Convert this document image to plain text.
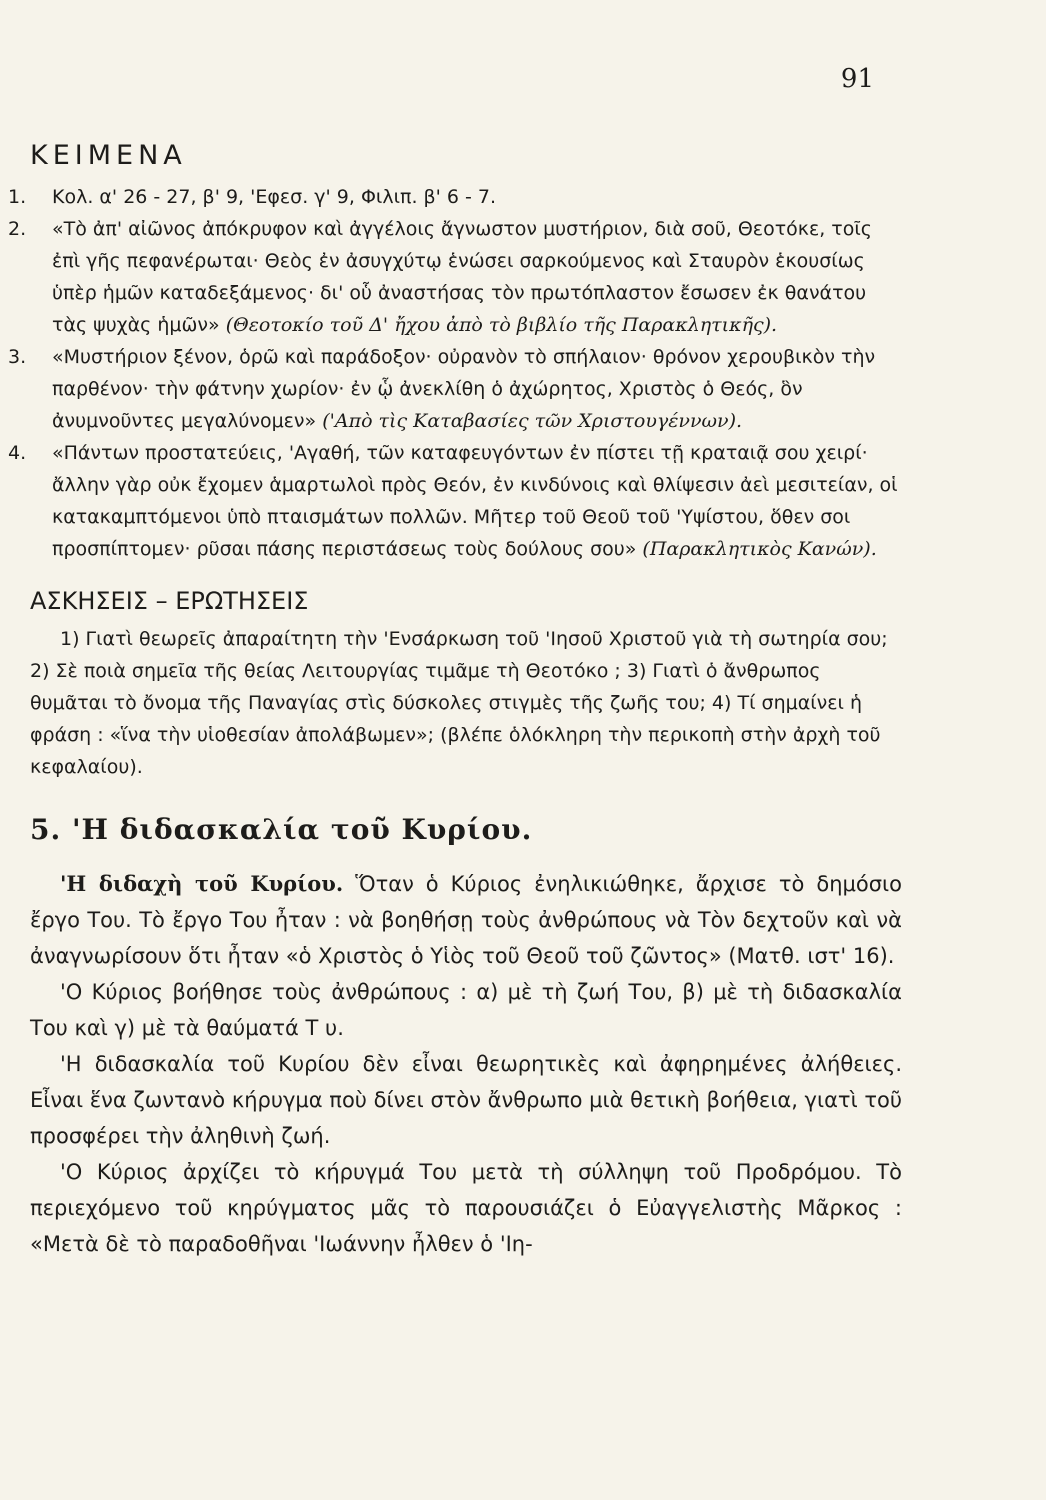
91
ΚΕΙΜΕΝΑ

1. Κολ. α' 26 - 27, β' 9, 'Εφεσ. γ' 9, Φιλιπ. β' 6 - 7.

2. «Τὸ ἀπ' αἰῶνος ἀπόκρυφον καὶ ἀγγέλοις ἄγνωστον μυστήριον, διὰ σοῦ, Θεοτόκε, τοῖς ἐπὶ γῆς πεφανέρωται· Θεὸς ἐν ἀσυγχύτῳ ἑνώσει σαρκούμενος καὶ Σταυρὸν ἑκουσίως ὑπὲρ ἡμῶν καταδεξάμενος· δι' οὗ ἀναστήσας τὸν πρωτόπλαστον ἔσωσεν ἐκ θανάτου τὰς ψυχὰς ἡμῶν» (Θεοτοκίο τοῦ Δ' ἤχου ἀπὸ τὸ βιβλίο τῆς Παρακλητικῆς).

3. «Μυστήριον ξένον, ὁρῶ καὶ παράδοξον· οὐρανὸν τὸ σπήλαιον· θρόνον χερουβικὸν τὴν παρθένον· τὴν φάτνην χωρίον· ἐν ᾧ ἀνεκλίθη ὁ ἀχώρητος, Χριστὸς ὁ Θεός, ὃν ἀνυμνοῦντες μεγαλύνομεν» ('Απὸ τὶς Καταβασίες τῶν Χριστουγέννων).

4. «Πάντων προστατεύεις, 'Αγαθή, τῶν καταφευγόντων ἐν πίστει τῇ κραταιᾷ σου χειρί· ἄλλην γὰρ οὐκ ἔχομεν ἁμαρτωλοὶ πρὸς Θεόν, ἐν κινδύνοις καὶ θλίψεσιν ἀεὶ μεσιτείαν, οἱ κατακαμπτόμενοι ὑπὸ πταισμάτων πολλῶν. Μῆτερ τοῦ Θεοῦ τοῦ 'Υψίστου, ὅθεν σοι προσπίπτομεν· ρῦσαι πάσης περιστάσεως τοὺς δούλους σου» (Παρακλητικὸς Κανών).

ΑΣΚΗΣΕΙΣ – ΕΡΩΤΗΣΕΙΣ

1) Γιατὶ θεωρεῖς ἀπαραίτητη τὴν 'Ενσάρκωση τοῦ 'Ιησοῦ Χριστοῦ γιὰ τὴ σωτηρία σου; 2) Σὲ ποιὰ σημεῖα τῆς θείας Λειτουργίας τιμᾶμε τὴ Θεοτόκο ; 3) Γιατὶ ὁ ἄνθρωπος θυμᾶται τὸ ὄνομα τῆς Παναγίας στὶς δύσκολες στιγμὲς τῆς ζωῆς του; 4) Τί σημαίνει ἡ φράση : «ἵνα τὴν υἱοθεσίαν ἀπολάβωμεν»; (βλέπε ὁλόκληρη τὴν περικοπὴ στὴν ἀρχὴ τοῦ κεφαλαίου).

5. 'Η διδασκαλία τοῦ Κυρίου.

'Η διδαχὴ τοῦ Κυρίου. Ὅταν ὁ Κύριος ἐνηλικιώθηκε, ἄρχισε τὸ δημόσιο ἔργο Του. Τὸ ἔργο Του ἦταν : νὰ βοηθήσῃ τοὺς ἀνθρώπους νὰ Τὸν δεχτοῦν καὶ νὰ ἀναγνωρίσουν ὅτι ἦταν «ὁ Χριστὸς ὁ Υἱὸς τοῦ Θεοῦ τοῦ ζῶντος» (Ματθ. ιστ' 16).

'Ο Κύριος βοήθησε τοὺς ἀνθρώπους : α) μὲ τὴ ζωή Του, β) μὲ τὴ διδασκαλία Του καὶ γ) μὲ τὰ θαύματά Τ υ.

'Η διδασκαλία τοῦ Κυρίου δὲν εἶναι θεωρητικὲς καὶ ἀφηρημένες ἀλήθειες. Εἶναι ἕνα ζωντανὸ κήρυγμα ποὺ δίνει στὸν ἄνθρωπο μιὰ θετικὴ βοήθεια, γιατὶ τοῦ προσφέρει τὴν ἀληθινὴ ζωή.

'Ο Κύριος ἀρχίζει τὸ κήρυγμά Του μετὰ τὴ σύλληψη τοῦ Προδρόμου. Τὸ περιεχόμενο τοῦ κηρύγματος μᾶς τὸ παρουσιάζει ὁ Εὐαγγελιστὴς Μᾶρκος : «Μετὰ δὲ τὸ παραδοθῆναι 'Ιωάννην ἦλθεν ὁ 'Ιη-
